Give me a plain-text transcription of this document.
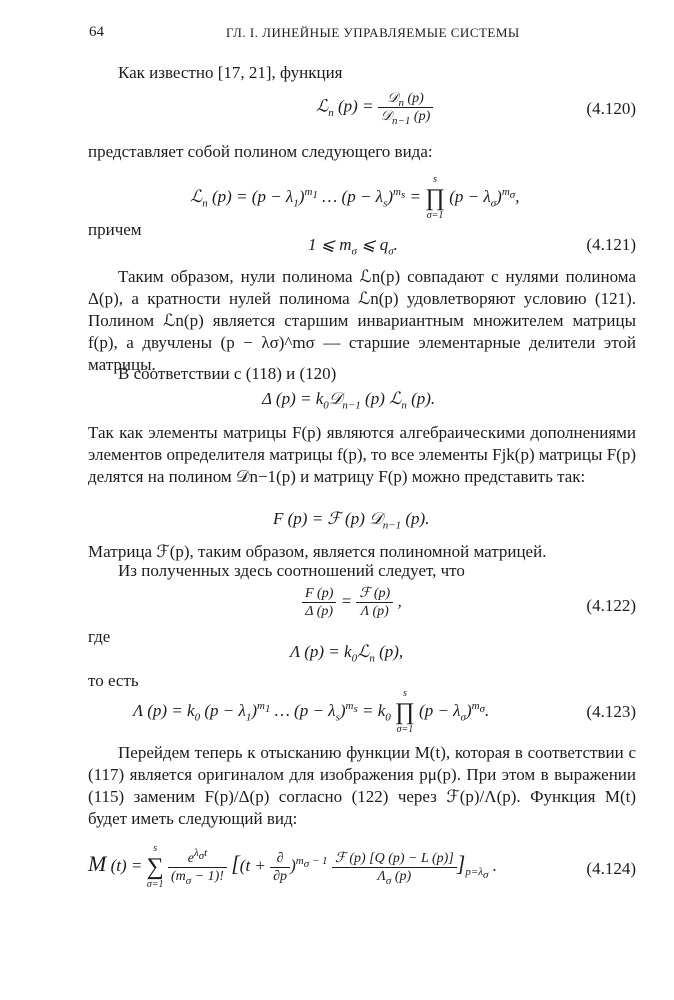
64	ГЛ. I. ЛИНЕЙНЫЕ УПРАВЛЯЕМЫЕ СИСТЕМЫ
Как известно [17, 21], функция
ℒ$_n$ $(p) = \frac{𝒟_n (p)}{𝒟_{n-1} (p)}$	(4.120)
представляет собой полином следующего вида:
ℒ$_n$ $(p) = (p - \lambda_1)^{m_1}$ … $(p - \lambda_s)^{m_s}$ =
s
∏
σ=1
$(p - \lambda_\sigma)^{m_\sigma}$,
причем
1 ⩽ $m_\sigma$ ⩽ $q_\sigma$.	(4.121)
Таким образом, нули полинома ℒn(p) совпадают с нулями полинома Δ(p), а кратности нулей полинома ℒn(p) удовлетворяют условию (121). Полином ℒn(p) является старшим инвариантным множителем матрицы f(p), а двучлены (p − λσ)^mσ — старшие элементарные делители этой матрицы.
В соответствии с (118) и (120)
Δ $(p) = k_0𝒟_{n-1}$ (p) ℒ$_n$ (p).
Так как элементы матрицы F(p) являются алгебраическими дополнениями элементов определителя матрицы f(p), то все элементы Fjk(p) матрицы F(p) делятся на полином 𝒟n−1(p) и матрицу F(p) можно представить так:
F (p) = ℱ (p) 𝒟$_{n-1}$ (p).
Матрица ℱ(p), таким образом, является полиномной матрицей.
Из полученных здесь соотношений следует, что
$\frac{F (p)}{\Delta (p)} = \frac{\text{ℱ (p)}}{\Lambda (p)}$ ,	(4.122)
где
Λ $(p) = k_0ℒ_n$ (p),
то есть
Λ $(p) = k_0$ $(p - \lambda_1)^{m_1}$ … $(p - \lambda_s)^{m_s} = k_0$
s
∏
σ=1
$(p - \lambda_\sigma)^{m_\sigma}$.	(4.123)
Перейдем теперь к отысканию функции M(t), которая в соответствии с (117) является оригиналом для изображения pμ(p). При этом в выражении (115) заменим F(p)/Δ(p) согласно (122) через ℱ(p)/Λ(p). Функция M(t) будет иметь следующий вид:
M (t) =
s
∑
σ=1
$\frac{e^{\lambda_\sigma t}}{(m_\sigma - 1)!} [(t + \frac{\partial}{\partial p} )^{m_\sigma - 1} \frac{\text{ℱ (p) [Q (p) − L (p)]}}{\Lambda_\sigma (p)} ]_{p=\lambda_\sigma}$ .	(4.124)
